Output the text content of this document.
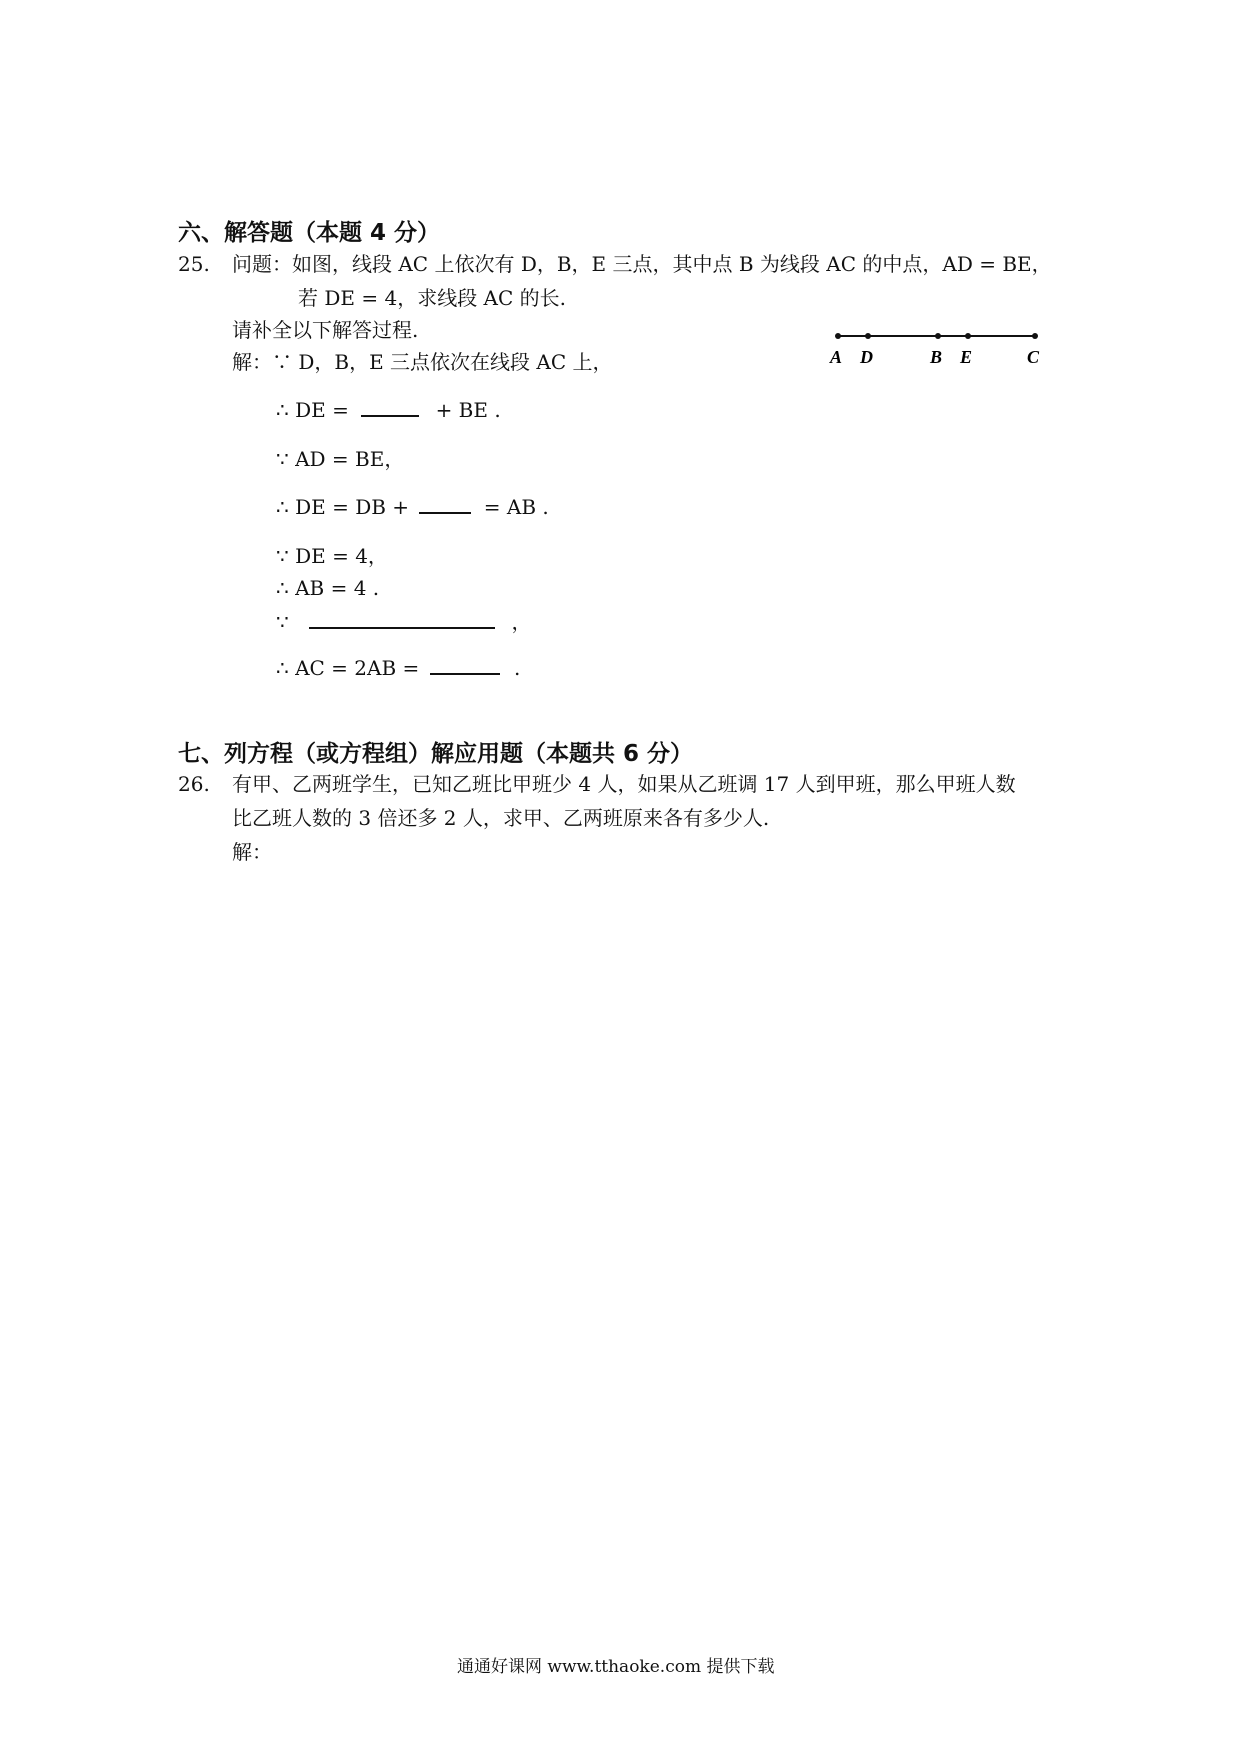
六、解答题（本题 4 分）
25. 问题：如图，线段 AC 上依次有 D，B，E 三点，其中点 B 为线段 AC 的中点，AD = BE，
若 DE = 4，求线段 AC 的长.
请补全以下解答过程.
解：∵ D，B，E 三点依次在线段 AC 上，	A D	B E	C
∴ DE =	+ BE .
∵ AD = BE，
∴ DE = DB +	= AB .
∵ DE = 4，
∴ AB = 4 .
∵	，
∴ AC = 2AB =	.
七、列方程（或方程组）解应用题（本题共 6 分）
26. 有甲、乙两班学生，已知乙班比甲班少 4 人，如果从乙班调 17 人到甲班，那么甲班人数
比乙班人数的 3 倍还多 2 人，求甲、乙两班原来各有多少人.
解：
通通好课网 www.tthaoke.com 提供下载
